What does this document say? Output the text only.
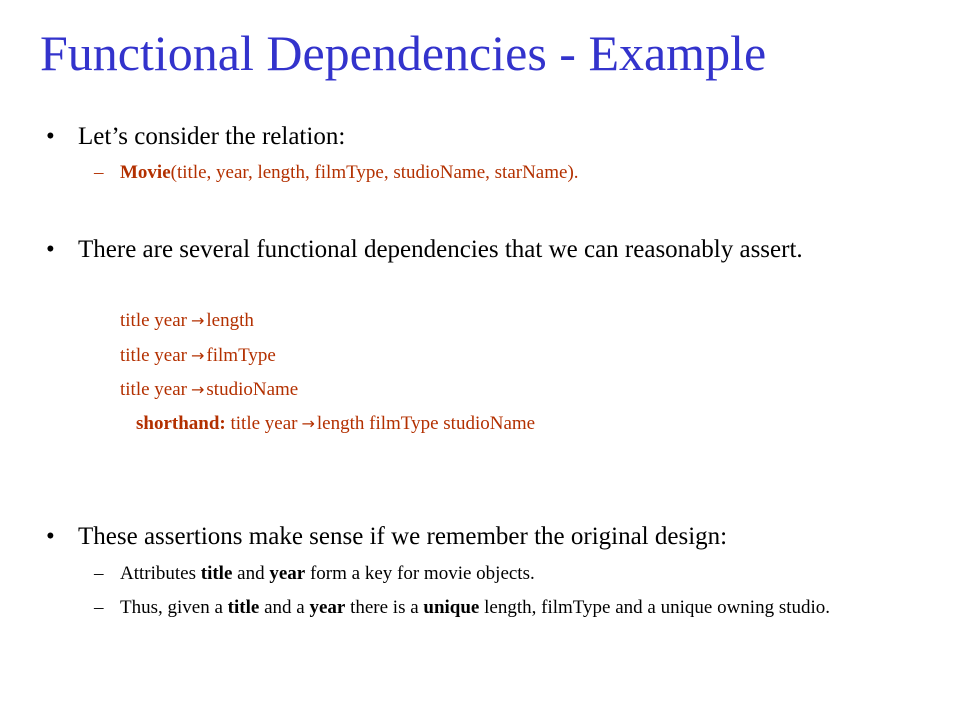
Functional Dependencies - Example
• Let’s consider the relation:
– Movie(title, year, length, filmType, studioName, starName).
• There are several functional dependencies that we can reasonably assert.
title year → length
title year → filmType
title year → studioName
shorthand: title year → length filmType studioName
• These assertions make sense if we remember the original design:
– Attributes title and year form a key for movie objects.
– Thus, given a title and a year there is a unique length, filmType and a unique owning studio.
